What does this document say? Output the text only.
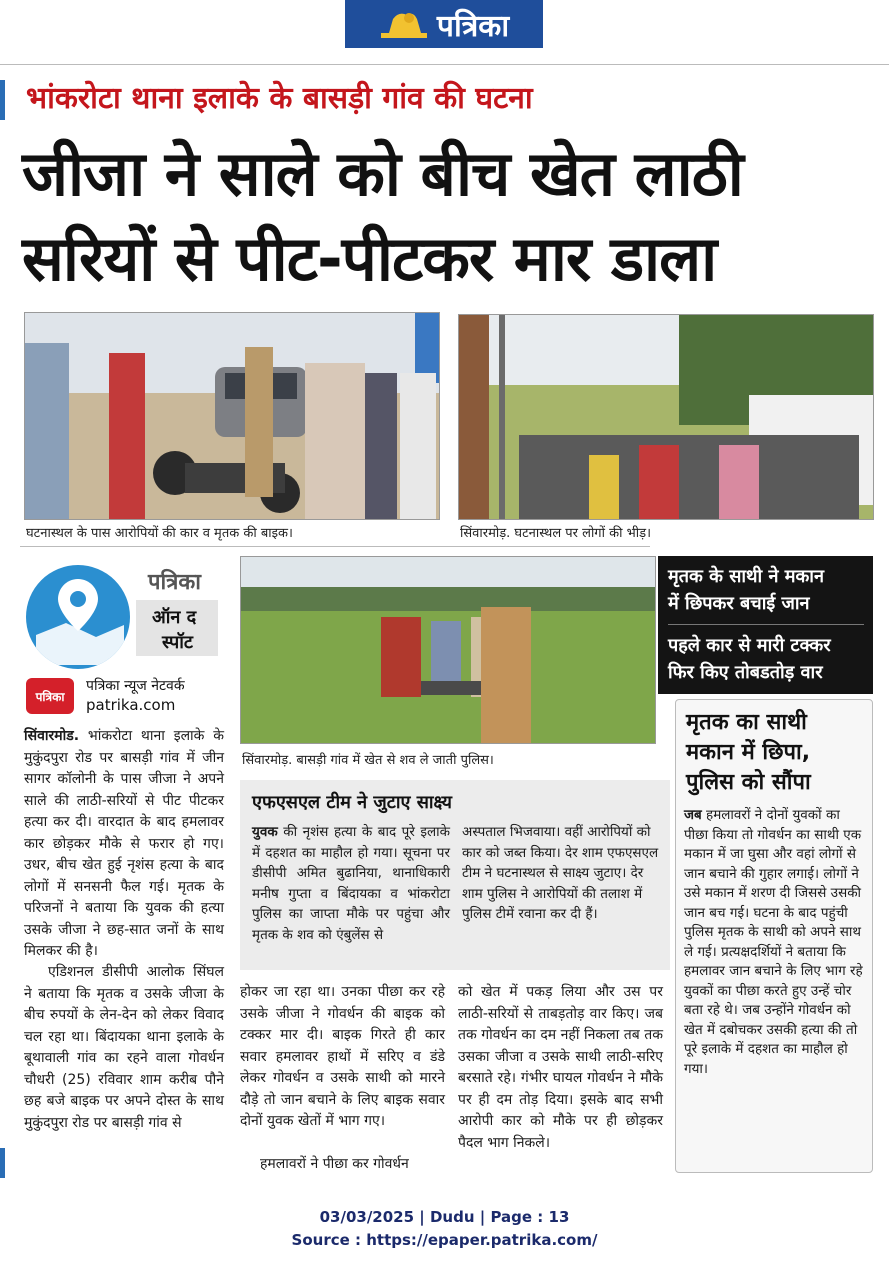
पत्रिका
भांकरोटा थाना इलाके के बासड़ी गांव की घटना
जीजा ने साले को बीच खेत लाठी
सरियों से पीट-पीटकर मार डाला
घटनास्थल के पास आरोपियों की कार व मृतक की बाइक।	सिंवारमोड़. घटनास्थल पर लोगों की भीड़।
पत्रिका
ऑन द
स्पॉट
पत्रिका
पत्रिका न्यूज नेटवर्क
patrika.com
सिंवारमोड़. बासड़ी गांव में खेत से शव ले जाती पुलिस।
सिंवारमोड. भांकरोटा थाना इलाके के मुकुंदपुरा रोड पर बासड़ी गांव में जीन सागर कॉलोनी के पास जीजा ने अपने साले की लाठी-सरियों से पीट पीटकर हत्या कर दी। वारदात के बाद हमलावर कार छोड़कर मौके से फरार हो गए। उधर, बीच खेत हुई नृशंस हत्या के बाद लोगों में सनसनी फैल गई। मृतक के परिजनों ने बताया कि युवक की हत्या उसके जीजा ने छह-सात जनों के साथ मिलकर की है।
एडिशनल डीसीपी आलोक सिंघल ने बताया कि मृतक व उसके जीजा के बीच रुपयों के लेन-देन को लेकर विवाद चल रहा था। बिंदायका थाना इलाके के बूथावाली गांव का रहने वाला गोवर्धन चौधरी (25) रविवार शाम करीब पौने छह बजे बाइक पर अपने दोस्त के साथ मुकुंदपुरा रोड पर बासड़ी गांव से
मृतक के साथी ने मकान
में छिपकर बचाई जान
पहले कार से मारी टक्कर
फिर किए तोबडतोड़ वार
मृतक का साथी
मकान में छिपा,
पुलिस को सौंपा
जब हमलावरों ने दोनों युवकों का पीछा किया तो गोवर्धन का साथी एक मकान में जा घुसा और वहां लोगों से जान बचाने की गुहार लगाई। लोगों ने उसे मकान में शरण दी जिससे उसकी जान बच गई। घटना के बाद पहुंची पुलिस मृतक के साथी को अपने साथ ले गई। प्रत्यक्षदर्शियों ने बताया कि हमलावर जान बचाने के लिए भाग रहे युवकों का पीछा करते हुए उन्हें चोर बता रहे थे। जब उन्होंने गोवर्धन को खेत में दबोचकर उसकी हत्या की तो पूरे इलाके में दहशत का माहौल हो गया।
एफएसएल टीम ने जुटाए साक्ष्य
युवक की नृशंस हत्या के बाद पूरे इलाके में दहशत का माहौल हो गया। सूचना पर डीसीपी अमित बुढानिया, थानाधिकारी मनीष गुप्ता व बिंदायका व भांकरोटा पुलिस का जाप्ता मौके पर पहुंचा और मृतक के शव को एंबुलेंस से
अस्पताल भिजवाया। वहीं आरोपियों को कार को जब्त किया। देर शाम एफएसएल टीम ने घटनास्थल से साक्ष्य जुटाए। देर शाम पुलिस ने आरोपियों की तलाश में पुलिस टीमें रवाना कर दी हैं।
होकर जा रहा था। उनका पीछा कर रहे उसके जीजा ने गोवर्धन की बाइक को टक्कर मार दी। बाइक गिरते ही कार सवार हमलावर हाथों में सरिए व डंडे लेकर गोवर्धन व उसके साथी को मारने दौड़े तो जान बचाने के लिए बाइक सवार दोनों युवक खेतों में भाग गए।
हमलावरों ने पीछा कर गोवर्धन
को खेत में पकड़ लिया और उस पर लाठी-सरियों से ताबड़तोड़ वार किए। जब तक गोवर्धन का दम नहीं निकला तब तक उसका जीजा व उसके साथी लाठी-सरिए बरसाते रहे। गंभीर घायल गोवर्धन ने मौके पर ही दम तोड़ दिया। इसके बाद सभी आरोपी कार को मौके पर ही छोड़कर पैदल भाग निकले।
03/03/2025 | Dudu | Page : 13
Source : https://epaper.patrika.com/
